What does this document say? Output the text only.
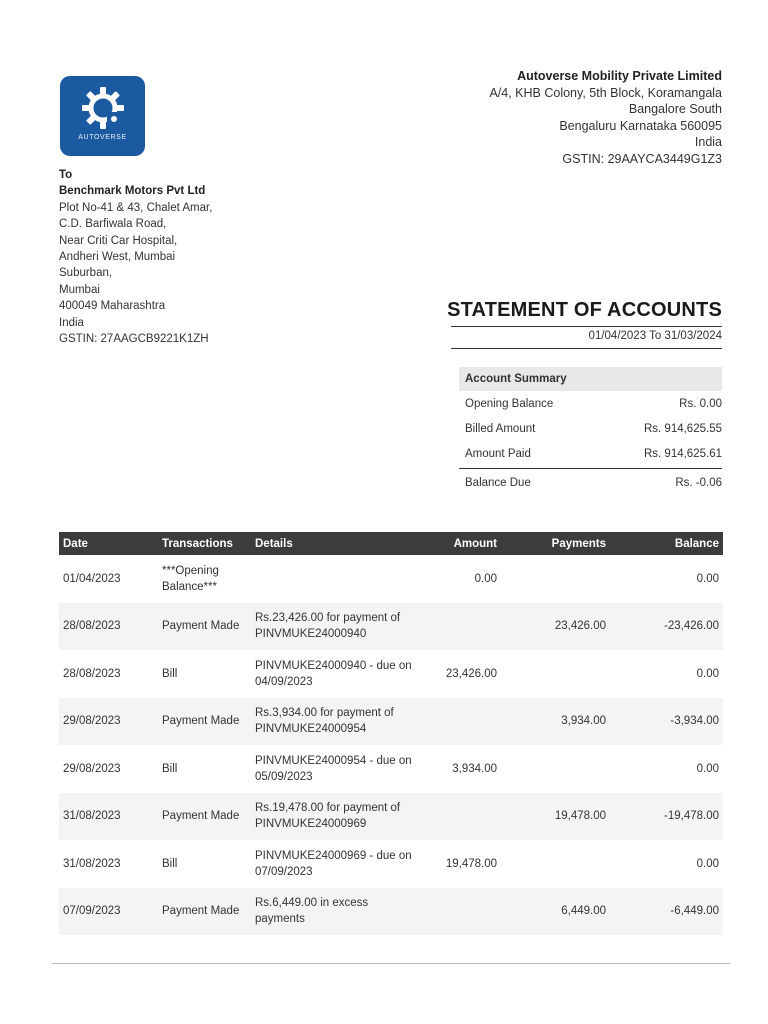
AUTOVERSE
Autoverse Mobility Private Limited
A/4, KHB Colony, 5th Block, Koramangala
Bangalore South
Bengaluru Karnataka 560095
India
GSTIN: 29AAYCA3449G1Z3
To
Benchmark Motors Pvt Ltd
Plot No-41 & 43, Chalet Amar,
C.D. Barfiwala Road,
Near Criti Car Hospital,
Andheri West, Mumbai
Suburban,
Mumbai
400049 Maharashtra
India
GSTIN: 27AAGCB9221K1ZH
STATEMENT OF ACCOUNTS
01/04/2023 To 31/03/2024
Account Summary
Opening Balance	Rs. 0.00
Billed Amount	Rs. 914,625.55
Amount Paid	Rs. 914,625.61
Balance Due	Rs. -0.06
Date	Transactions	Details	Amount	Payments	Balance
01/04/2023	***Opening Balance***		0.00		0.00
28/08/2023	Payment Made	Rs.23,426.00 for payment of PINVMUKE24000940		23,426.00	-23,426.00
28/08/2023	Bill	PINVMUKE24000940 - due on 04/09/2023	23,426.00		0.00
29/08/2023	Payment Made	Rs.3,934.00 for payment of PINVMUKE24000954		3,934.00	-3,934.00
29/08/2023	Bill	PINVMUKE24000954 - due on 05/09/2023	3,934.00		0.00
31/08/2023	Payment Made	Rs.19,478.00 for payment of PINVMUKE24000969		19,478.00	-19,478.00
31/08/2023	Bill	PINVMUKE24000969 - due on 07/09/2023	19,478.00		0.00
07/09/2023	Payment Made	Rs.6,449.00 in excess payments		6,449.00	-6,449.00
